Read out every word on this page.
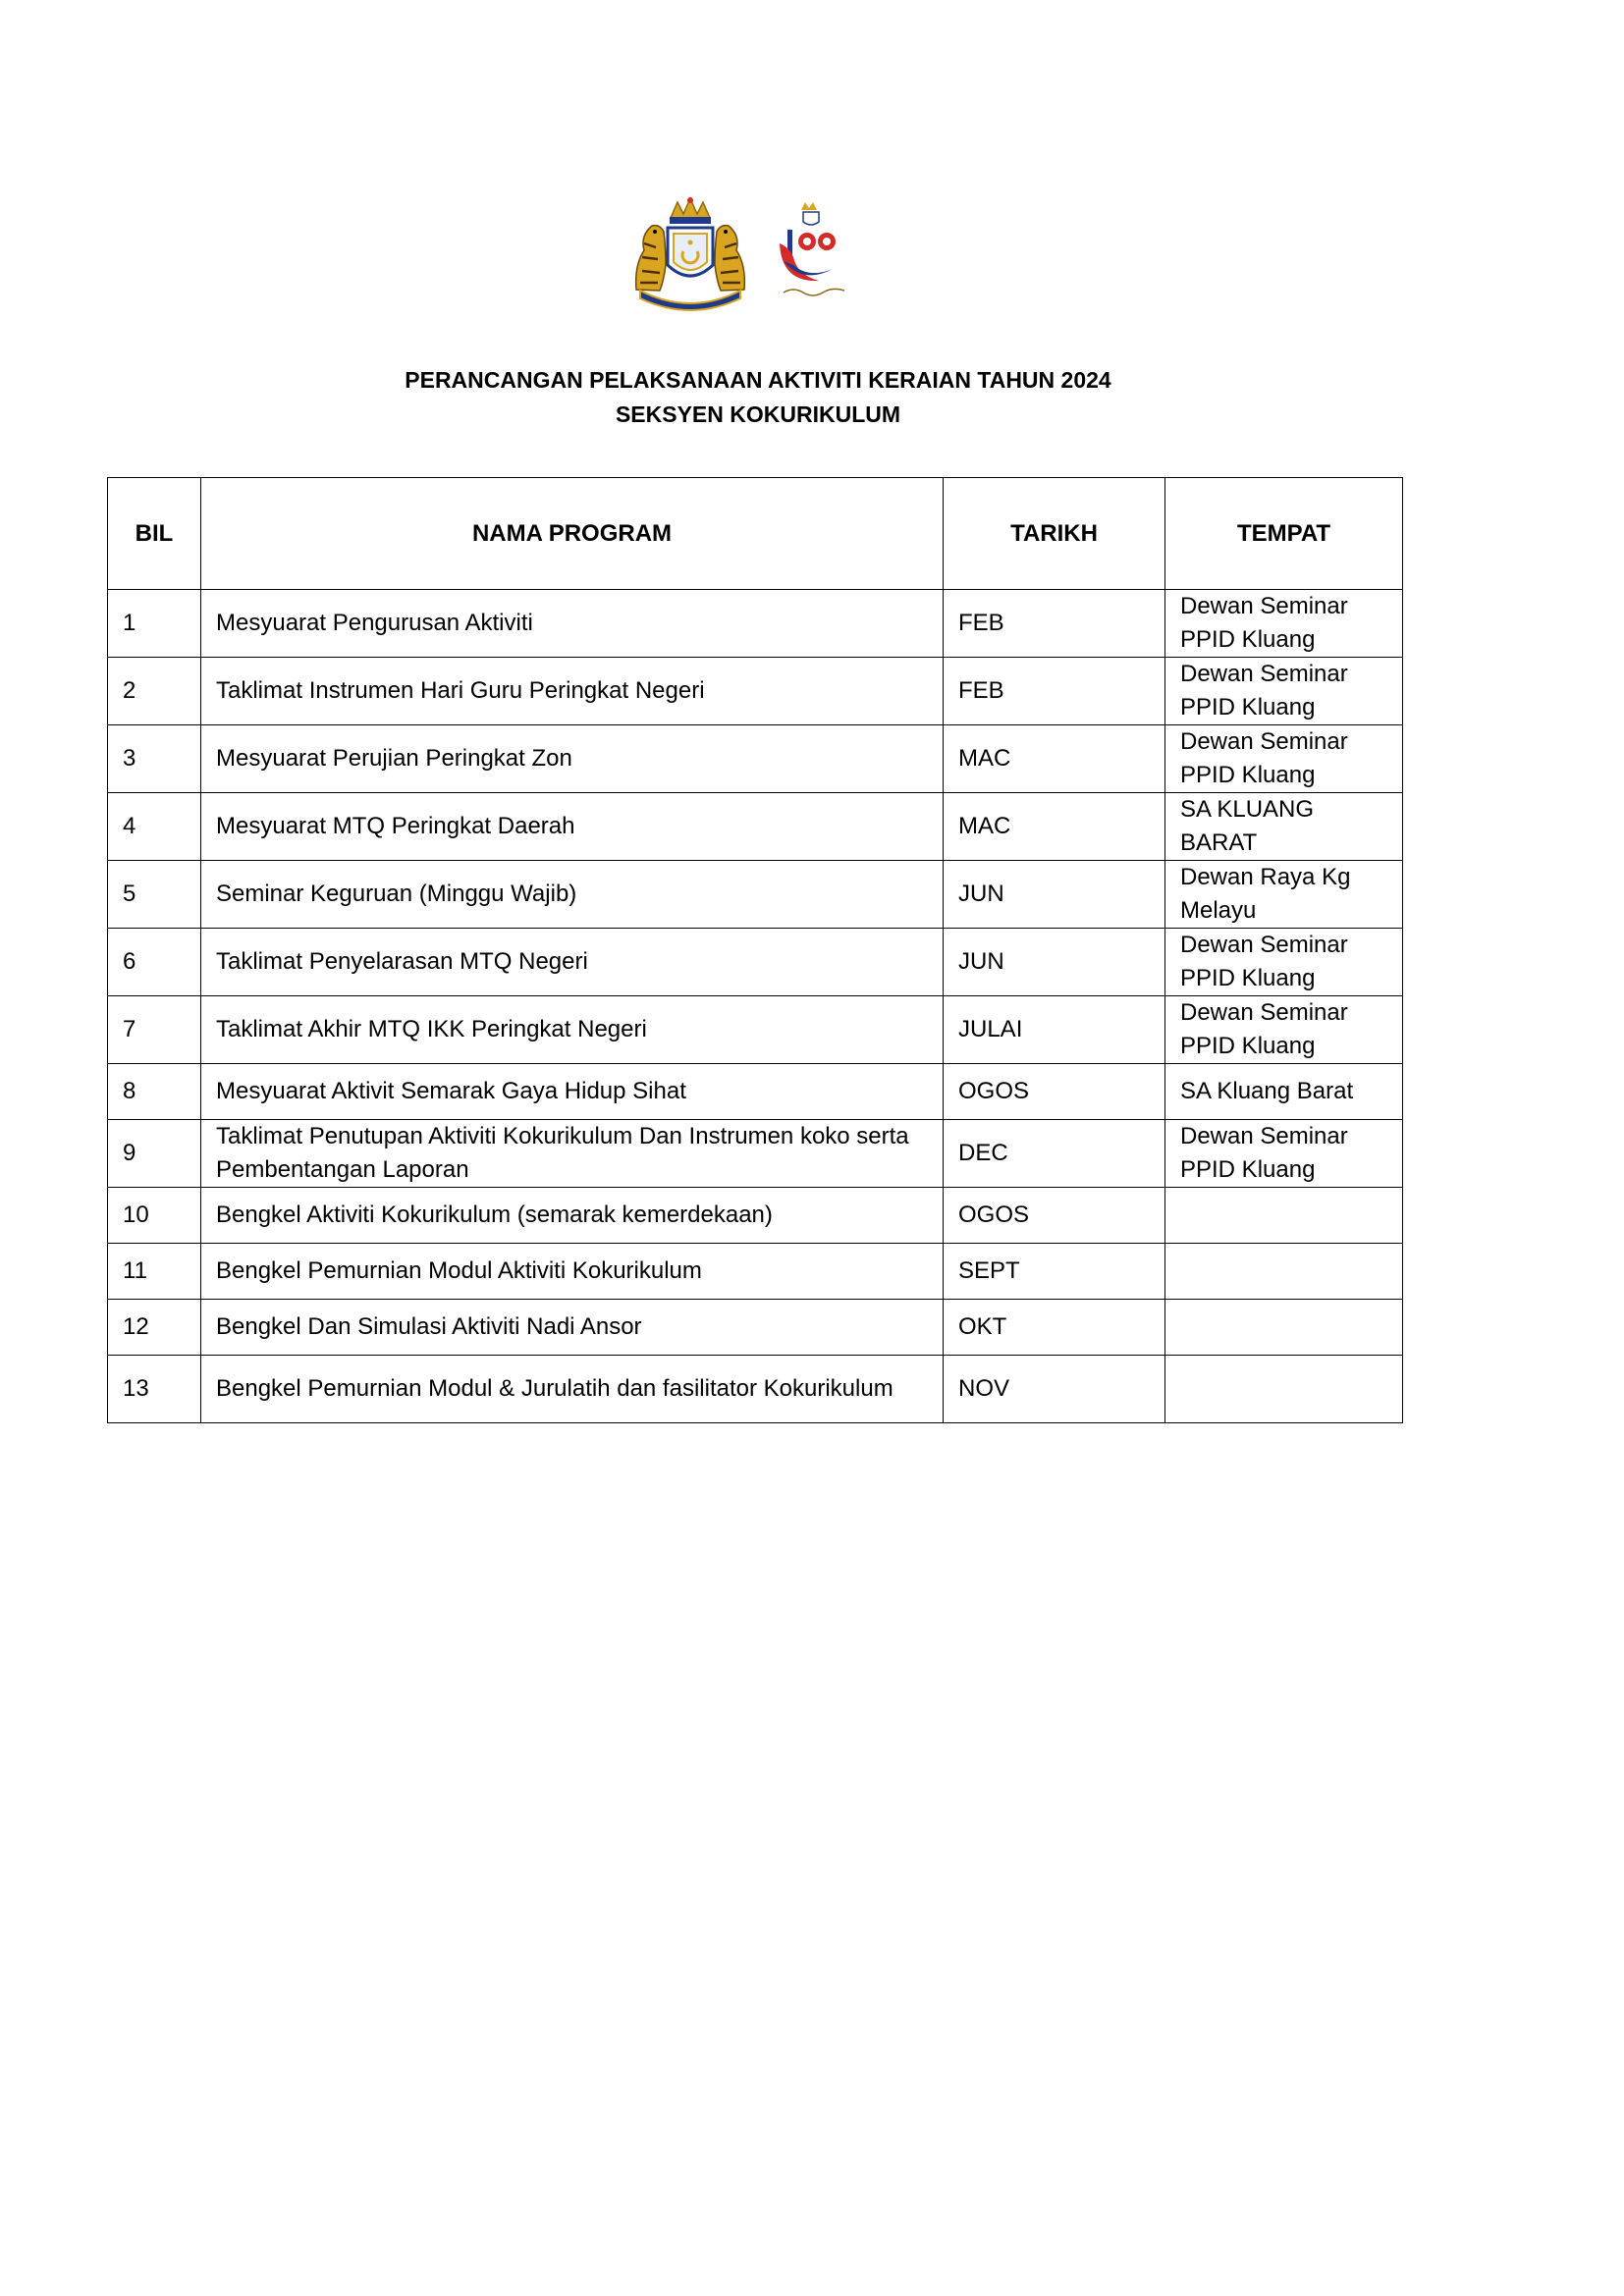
PERANCANGAN PELAKSANAAN AKTIVITI KERAIAN TAHUN 2024
SEKSYEN KOKURIKULUM
BIL	NAMA PROGRAM	TARIKH	TEMPAT
1	Mesyuarat Pengurusan Aktiviti	FEB	Dewan Seminar PPID Kluang
2	Taklimat Instrumen Hari Guru Peringkat Negeri	FEB	Dewan Seminar PPID Kluang
3	Mesyuarat Perujian Peringkat Zon	MAC	Dewan Seminar PPID Kluang
4	Mesyuarat MTQ Peringkat Daerah	MAC	SA KLUANG BARAT
5	Seminar Keguruan (Minggu Wajib)	JUN	Dewan Raya Kg Melayu
6	Taklimat Penyelarasan MTQ Negeri	JUN	Dewan Seminar PPID Kluang
7	Taklimat Akhir MTQ IKK Peringkat Negeri	JULAI	Dewan Seminar PPID Kluang
8	Mesyuarat Aktivit Semarak Gaya Hidup Sihat	OGOS	SA Kluang Barat
9	Taklimat Penutupan Aktiviti Kokurikulum Dan Instrumen koko serta Pembentangan Laporan	DEC	Dewan Seminar PPID Kluang
10	Bengkel Aktiviti Kokurikulum (semarak kemerdekaan)	OGOS	
11	Bengkel Pemurnian Modul Aktiviti Kokurikulum	SEPT	
12	Bengkel Dan Simulasi Aktiviti Nadi Ansor	OKT	
13	Bengkel Pemurnian Modul & Jurulatih dan fasilitator Kokurikulum	NOV	
